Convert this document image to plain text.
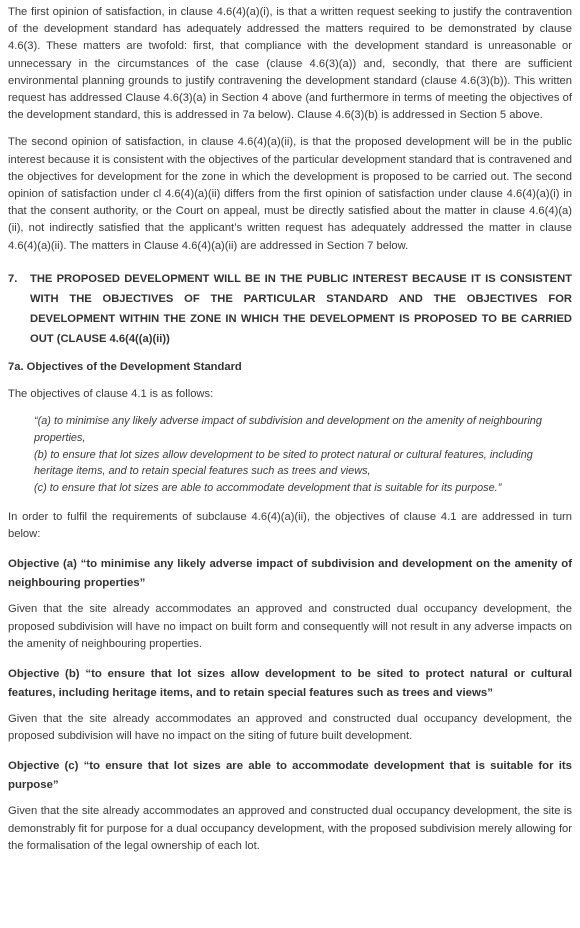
The first opinion of satisfaction, in clause 4.6(4)(a)(i), is that a written request seeking to justify the contravention of the development standard has adequately addressed the matters required to be demonstrated by clause 4.6(3). These matters are twofold: first, that compliance with the development standard is unreasonable or unnecessary in the circumstances of the case (clause 4.6(3)(a)) and, secondly, that there are sufficient environmental planning grounds to justify contravening the development standard (clause 4.6(3)(b)). This written request has addressed Clause 4.6(3)(a) in Section 4 above (and furthermore in terms of meeting the objectives of the development standard, this is addressed in 7a below). Clause 4.6(3)(b) is addressed in Section 5 above.

The second opinion of satisfaction, in clause 4.6(4)(a)(ii), is that the proposed development will be in the public interest because it is consistent with the objectives of the particular development standard that is contravened and the objectives for development for the zone in which the development is proposed to be carried out. The second opinion of satisfaction under cl 4.6(4)(a)(ii) differs from the first opinion of satisfaction under clause 4.6(4)(a)(i) in that the consent authority, or the Court on appeal, must be directly satisfied about the matter in clause 4.6(4)(a)(ii), not indirectly satisfied that the applicant’s written request has adequately addressed the matter in clause 4.6(4)(a)(ii). The matters in Clause 4.6(4)(a)(ii) are addressed in Section 7 below.

7.	THE PROPOSED DEVELOPMENT WILL BE IN THE PUBLIC INTEREST BECAUSE IT IS CONSISTENT WITH THE OBJECTIVES OF THE PARTICULAR STANDARD AND THE OBJECTIVES FOR DEVELOPMENT WITHIN THE ZONE IN WHICH THE DEVELOPMENT IS PROPOSED TO BE CARRIED OUT (CLAUSE 4.6(4((a)(ii))
7a. Objectives of the Development Standard

The objectives of clause 4.1 is as follows:

“(a) to minimise any likely adverse impact of subdivision and development on the amenity of neighbouring properties,
(b) to ensure that lot sizes allow development to be sited to protect natural or cultural features, including heritage items, and to retain special features such as trees and views,
(c) to ensure that lot sizes are able to accommodate development that is suitable for its purpose.”

In order to fulfil the requirements of subclause 4.6(4)(a)(ii), the objectives of clause 4.1 are addressed in turn below:

Objective (a) “to minimise any likely adverse impact of subdivision and development on the amenity of neighbouring properties”

Given that the site already accommodates an approved and constructed dual occupancy development, the proposed subdivision will have no impact on built form and consequently will not result in any adverse impacts on the amenity of neighbouring properties.

Objective (b) “to ensure that lot sizes allow development to be sited to protect natural or cultural features, including heritage items, and to retain special features such as trees and views”

Given that the site already accommodates an approved and constructed dual occupancy development, the proposed subdivision will have no impact on the siting of future built development.

Objective (c) “to ensure that lot sizes are able to accommodate development that is suitable for its purpose”

Given that the site already accommodates an approved and constructed dual occupancy development, the site is demonstrably fit for purpose for a dual occupancy development, with the proposed subdivision merely allowing for the formalisation of the legal ownership of each lot.
